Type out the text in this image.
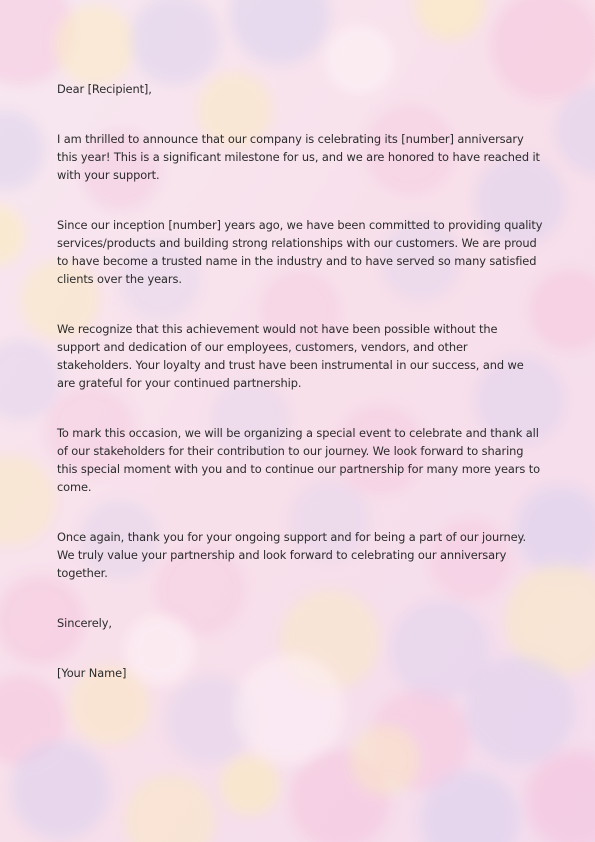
Dear [Recipient],

I am thrilled to announce that our company is celebrating its [number] anniversary this year! This is a significant milestone for us, and we are honored to have reached it with your support.

Since our inception [number] years ago, we have been committed to providing quality services/products and building strong relationships with our customers. We are proud to have become a trusted name in the industry and to have served so many satisfied clients over the years.

We recognize that this achievement would not have been possible without the support and dedication of our employees, customers, vendors, and other stakeholders. Your loyalty and trust have been instrumental in our success, and we are grateful for your continued partnership.

To mark this occasion, we will be organizing a special event to celebrate and thank all of our stakeholders for their contribution to our journey. We look forward to sharing this special moment with you and to continue our partnership for many more years to come.

Once again, thank you for your ongoing support and for being a part of our journey. We truly value your partnership and look forward to celebrating our anniversary together.

Sincerely,

[Your Name]
